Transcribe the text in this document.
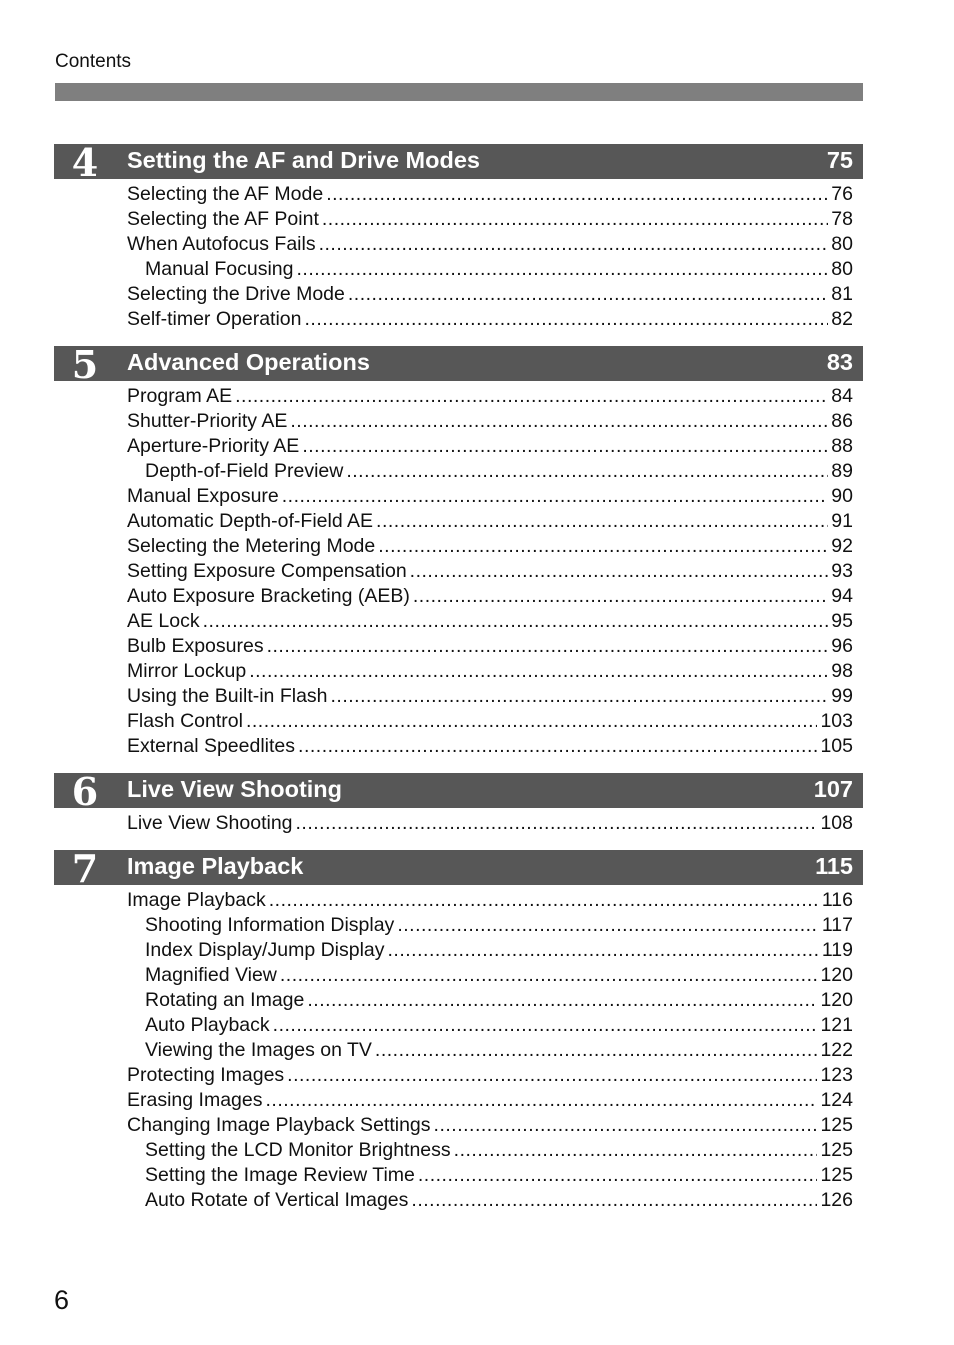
Contents
4	Setting the AF and Drive Modes	75
Selecting the AF Mode .....	76
Selecting the AF Point .....	78
When Autofocus Fails .....	80
Manual Focusing .....	80
Selecting the Drive Mode .....	81
Self-timer Operation .....	82
5	Advanced Operations	83
Program AE .....	84
Shutter-Priority AE .....	86
Aperture-Priority AE .....	88
Depth-of-Field Preview .....	89
Manual Exposure .....	90
Automatic Depth-of-Field AE .....	91
Selecting the Metering Mode .....	92
Setting Exposure Compensation .....	93
Auto Exposure Bracketing (AEB) .....	94
AE Lock .....	95
Bulb Exposures .....	96
Mirror Lockup .....	98
Using the Built-in Flash .....	99
Flash Control .....	103
External Speedlites .....	105
6	Live View Shooting	107
Live View Shooting .....	108
7	Image Playback	115
Image Playback .....	116
Shooting Information Display .....	117
Index Display/Jump Display .....	119
Magnified View .....	120
Rotating an Image .....	120
Auto Playback .....	121
Viewing the Images on TV .....	122
Protecting Images .....	123
Erasing Images .....	124
Changing Image Playback Settings .....	125
Setting the LCD Monitor Brightness .....	125
Setting the Image Review Time .....	125
Auto Rotate of Vertical Images .....	126
6
